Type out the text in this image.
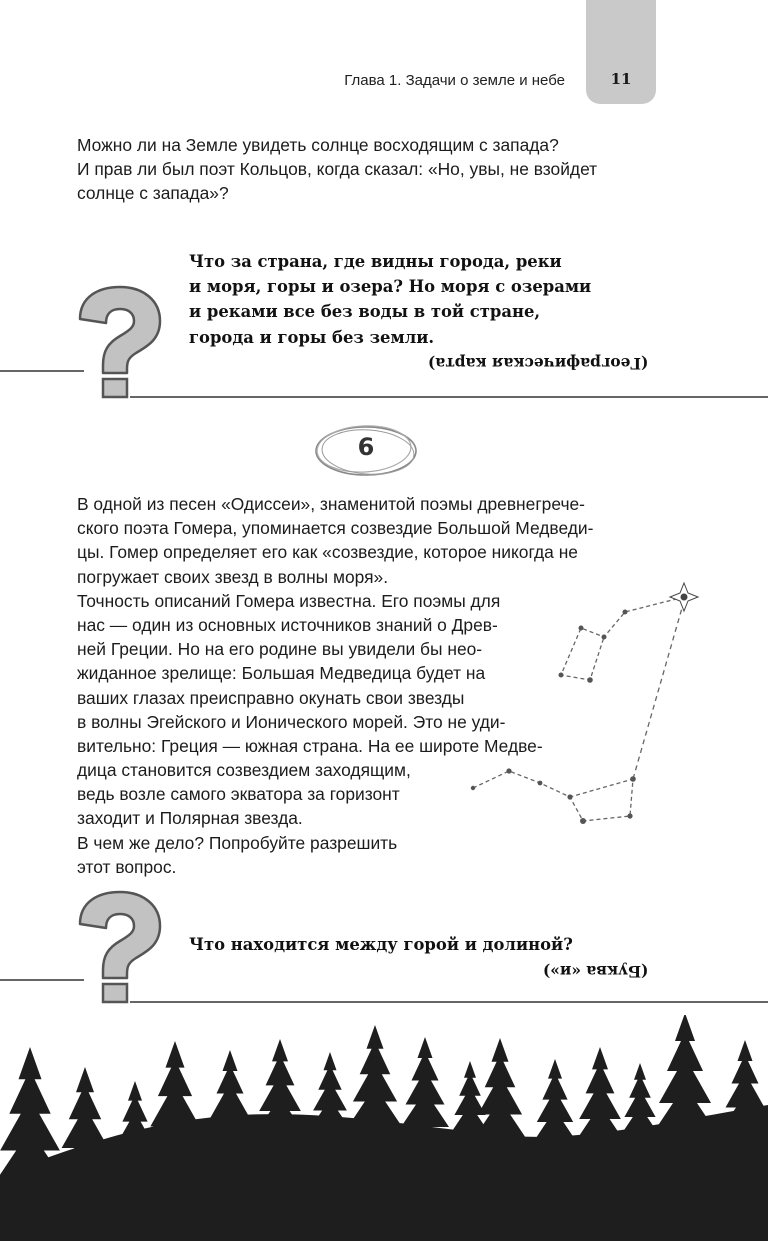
11
Глава 1. Задачи о земле и небе
Можно ли на Земле увидеть солнце восходящим с запада?
И прав ли был поэт Кольцов, когда сказал: «Но, увы, не взойдет
солнце с запада»?
Что за страна, где видны города, реки
и моря, горы и озера? Но моря с озерами
и реками все без воды в той стране,
города и горы без земли.
(Географическая карта)
6
В одной из песен «Одиссеи», знаменитой поэмы древнегрече-
ского поэта Гомера, упоминается созвездие Большой Медведи-
цы. Гомер определяет его как «созвездие, которое никогда не
погружает своих звезд в волны моря».
Точность описаний Гомера известна. Его поэмы для
нас — один из основных источников знаний о Древ-
ней Греции. Но на его родине вы увидели бы нео-
жиданное зрелище: Большая Медведица будет на
ваших глазах преисправно окунать свои звезды
в волны Эгейского и Ионического морей. Это не уди-
вительно: Греция — южная страна. На ее широте Медве-
дица становится созвездием заходящим,
ведь возле самого экватора за горизонт
заходит и Полярная звезда.
В чем же дело? Попробуйте разрешить
этот вопрос.
Что находится между горой и долиной?
(Буква «и»)
